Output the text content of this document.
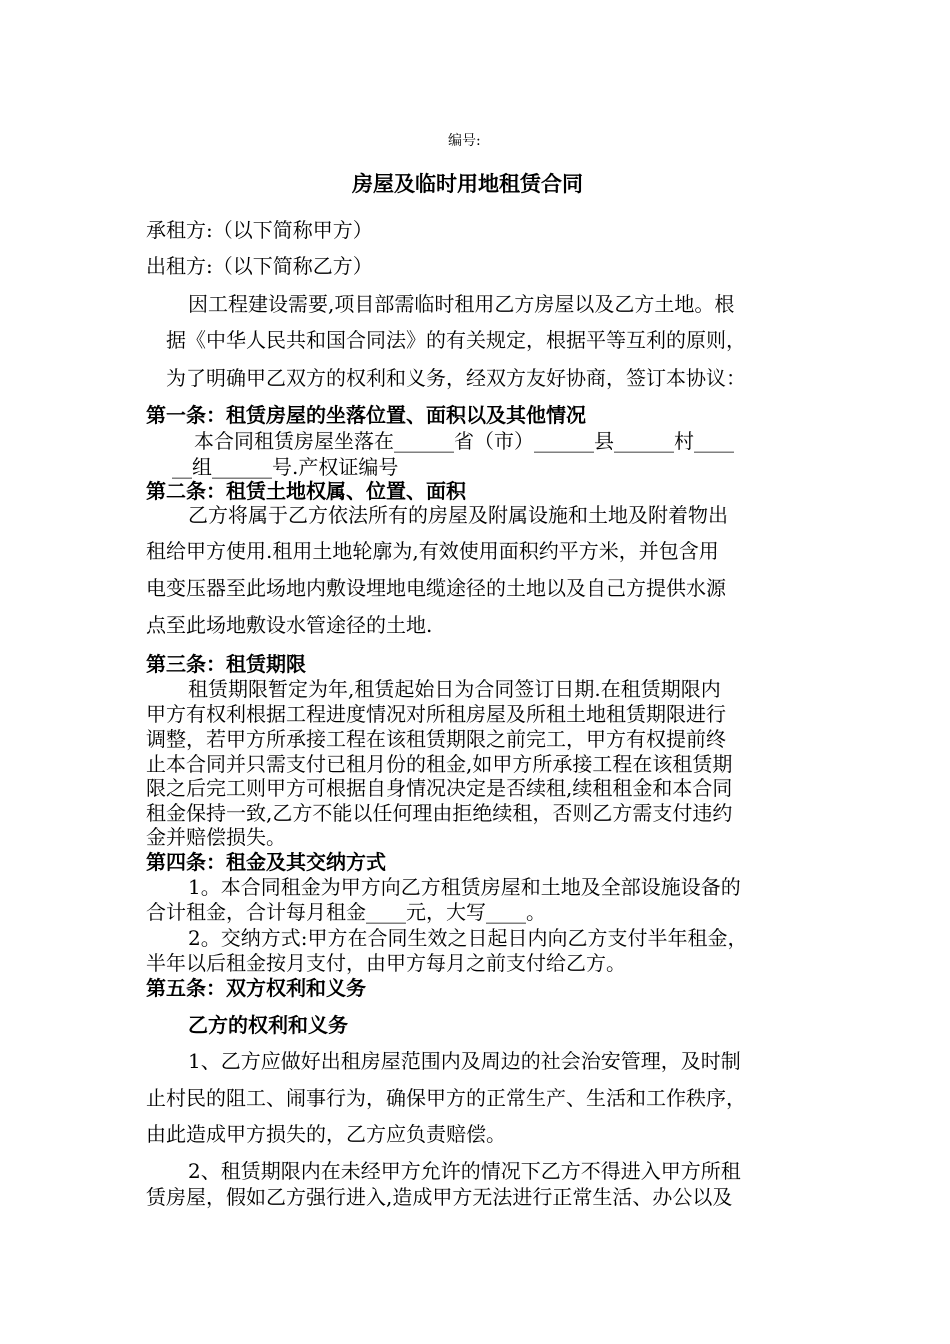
编号:

房屋及临时用地租赁合同

承租方:（以下简称甲方）

出租方:（以下简称乙方）

因工程建设需要,项目部需临时租用乙方房屋以及乙方土地。根

据《中华人民共和国合同法》的有关规定，根据平等互利的原则，

为了明确甲乙双方的权利和义务，经双方友好协商，签订本协议：

第一条：租赁房屋的坐落位置、面积以及其他情况

本合同租赁房屋坐落在______省（市）______县______村____

__组______号.产权证编号

第二条：租赁土地权属、位置、面积

乙方将属于乙方依法所有的房屋及附属设施和土地及附着物出

租给甲方使用.租用土地轮廓为,有效使用面积约平方米，并包含用

电变压器至此场地内敷设埋地电缆途径的土地以及自己方提供水源

点至此场地敷设水管途径的土地.

第三条：租赁期限

租赁期限暂定为年,租赁起始日为合同签订日期.在租赁期限内

甲方有权利根据工程进度情况对所租房屋及所租土地租赁期限进行

调整，若甲方所承接工程在该租赁期限之前完工，甲方有权提前终

止本合同并只需支付已租月份的租金,如甲方所承接工程在该租赁期

限之后完工则甲方可根据自身情况决定是否续租,续租租金和本合同

租金保持一致,乙方不能以任何理由拒绝续租，否则乙方需支付违约

金并赔偿损失。

第四条：租金及其交纳方式

1。本合同租金为甲方向乙方租赁房屋和土地及全部设施设备的

合计租金，合计每月租金____元，大写____。

2。交纳方式:甲方在合同生效之日起日内向乙方支付半年租金，

半年以后租金按月支付，由甲方每月之前支付给乙方。

第五条：双方权利和义务

乙方的权利和义务

1、乙方应做好出租房屋范围内及周边的社会治安管理，及时制

止村民的阻工、闹事行为，确保甲方的正常生产、生活和工作秩序，

由此造成甲方损失的，乙方应负责赔偿。

2、租赁期限内在未经甲方允许的情况下乙方不得进入甲方所租

赁房屋，假如乙方强行进入,造成甲方无法进行正常生活、办公以及
